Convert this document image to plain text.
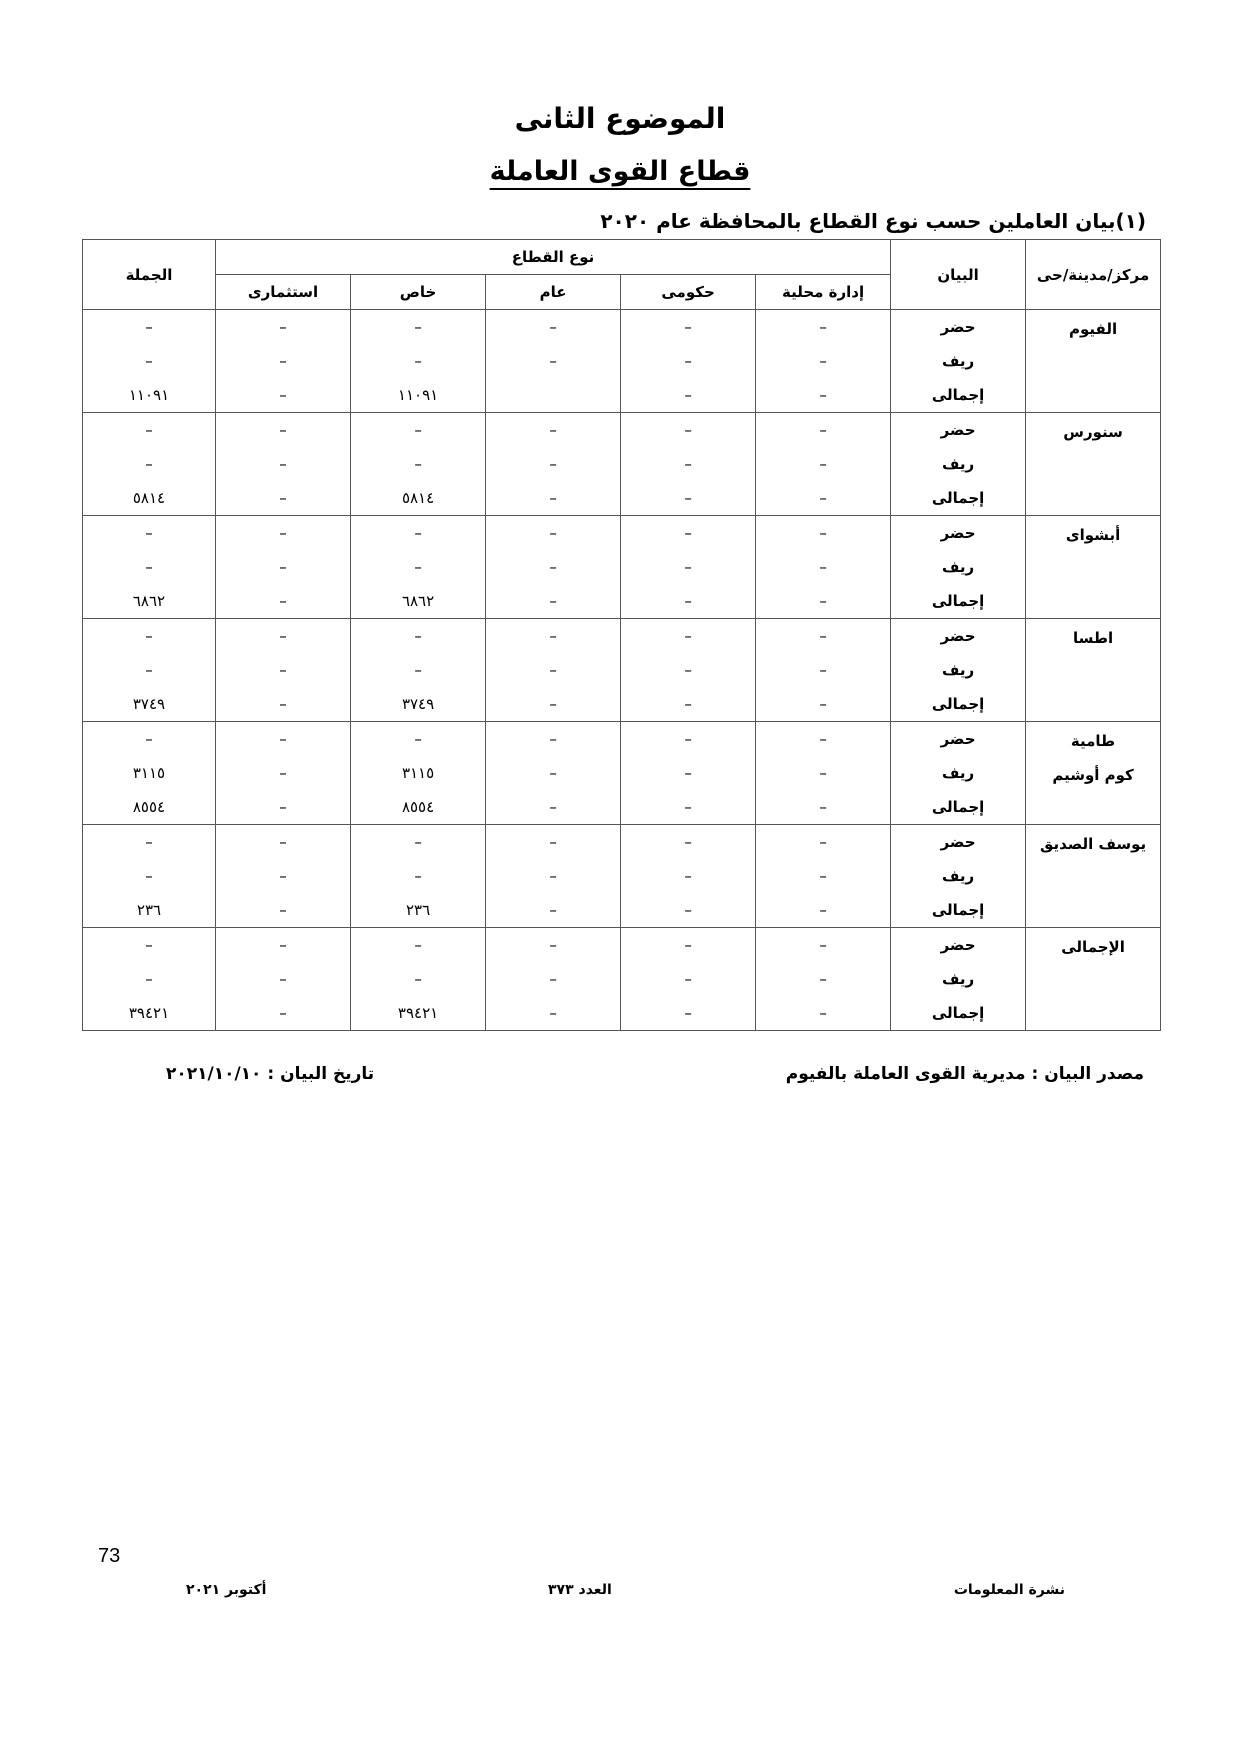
الموضوع الثانى
قطاع القوى العاملة
(١)بيان العاملين حسب نوع القطاع بالمحافظة عام ٢٠٢٠
مركز/مدينة/حى	البيان	نوع القطاع					الجملة
		إدارة محلية	حكومى	عام	خاص	استثمارى	

الفيوم	حضر	–	–	–	–	–	–
	ريف	–	–	–	–	–	–
	إجمالى	–	–		١١٠٩١	–	١١٠٩١

سنورس	حضر	–	–	–	–	–	–
	ريف	–	–	–	–	–	–
	إجمالى	–	–	–	٥٨١٤	–	٥٨١٤

أبشواى	حضر	–	–	–	–	–	–
	ريف	–	–	–	–	–	–
	إجمالى	–	–	–	٦٨٦٢	–	٦٨٦٢

اطسا	حضر	–	–	–	–	–	–
	ريف	–	–	–	–	–	–
	إجمالى	–	–	–	٣٧٤٩	–	٣٧٤٩

طامية
كوم أوشيم	حضر	–	–	–	–	–	–
	ريف	–	–	–	٣١١٥	–	٣١١٥
	إجمالى	–	–	–	٨٥٥٤	–	٨٥٥٤

يوسف الصديق	حضر	–	–	–	–	–	–
	ريف	–	–	–	–	–	–
	إجمالى	–	–	–	٢٣٦	–	٢٣٦

الإجمالى	حضر	–	–	–	–	–	–
	ريف	–	–	–	–	–	–
	إجمالى	–	–	–	٣٩٤٢١	–	٣٩٤٢١
مصدر البيان : مديرية القوى العاملة بالفيوم
تاريخ البيان : ٢٠٢١/١٠/١٠
73
نشرة المعلومات
العدد ٣٧٣
أكتوبر ٢٠٢١
